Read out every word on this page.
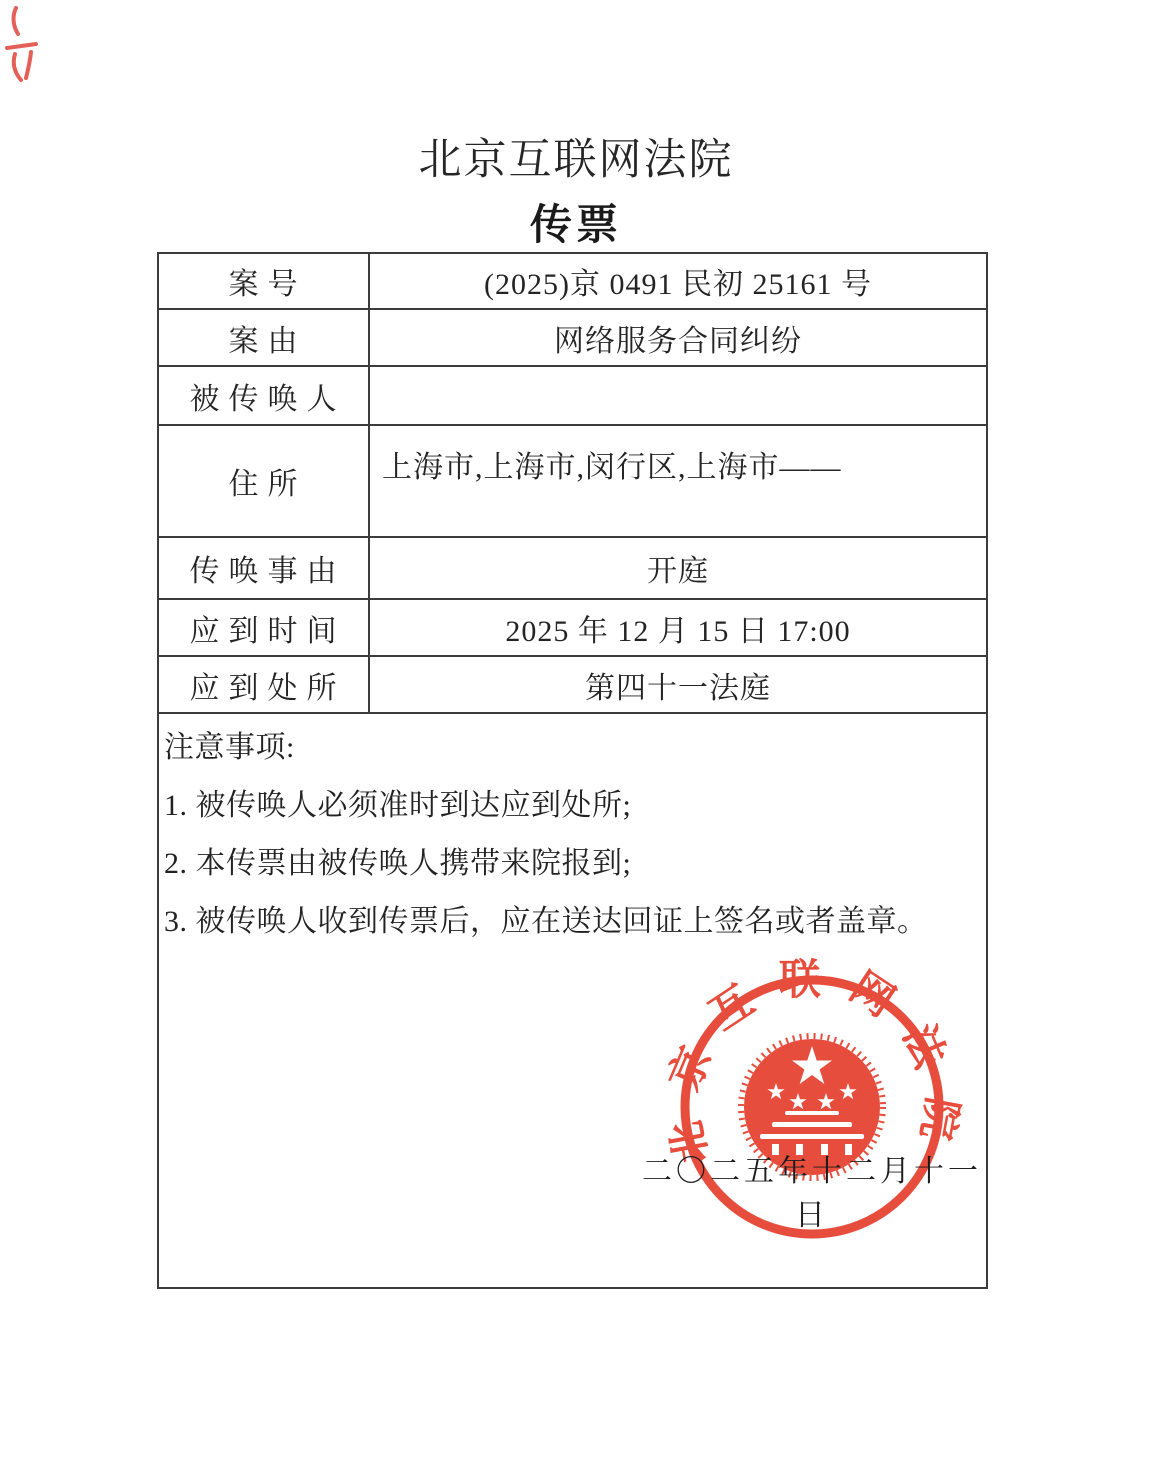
北京互联网法院
传票
案号	(2025)京 0491 民初 25161 号
案由	网络服务合同纠纷
被传唤人	
住所	上海市,上海市,闵行区,上海市——
传唤事由	开庭
应到时间	2025 年 12 月 15 日 17:00
应到处所	第四十一法庭

注意事项:

1. 被传唤人必须准时到达应到处所;

2. 本传票由被传唤人携带来院报到;

3. 被传唤人收到传票后，应在送达回证上签名或者盖章。	

北京互联网法院
二〇二五年十二月十一日
